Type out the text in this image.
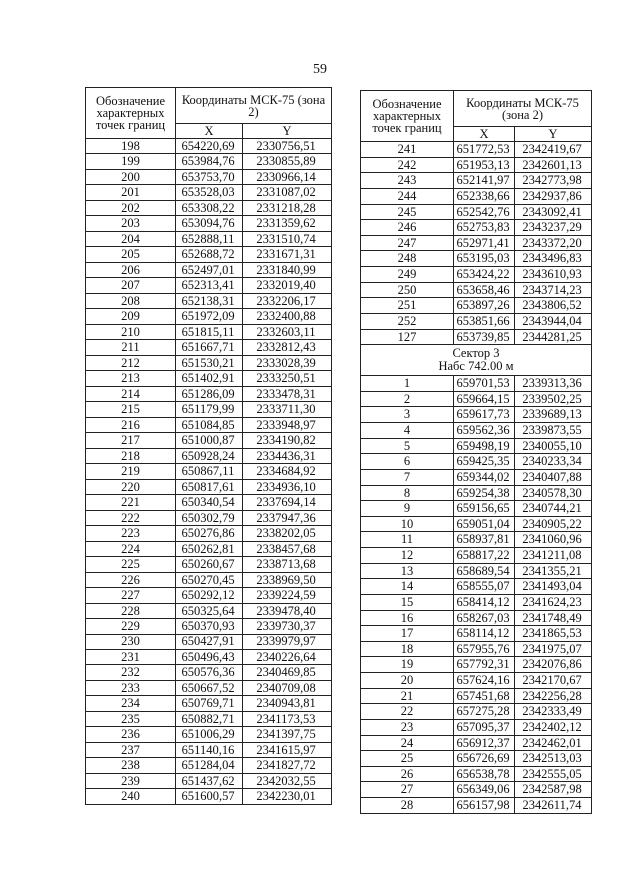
59
Обозначение характерных точек границ	Координаты МСК-75 (зона 2)	
	X	Y
198	654220,69	2330756,51
199	653984,76	2330855,89
200	653753,70	2330966,14
201	653528,03	2331087,02
202	653308,22	2331218,28
203	653094,76	2331359,62
204	652888,11	2331510,74
205	652688,72	2331671,31
206	652497,01	2331840,99
207	652313,41	2332019,40
208	652138,31	2332206,17
209	651972,09	2332400,88
210	651815,11	2332603,11
211	651667,71	2332812,43
212	651530,21	2333028,39
213	651402,91	2333250,51
214	651286,09	2333478,31
215	651179,99	2333711,30
216	651084,85	2333948,97
217	651000,87	2334190,82
218	650928,24	2334436,31
219	650867,11	2334684,92
220	650817,61	2334936,10
221	650340,54	2337694,14
222	650302,79	2337947,36
223	650276,86	2338202,05
224	650262,81	2338457,68
225	650260,67	2338713,68
226	650270,45	2338969,50
227	650292,12	2339224,59
228	650325,64	2339478,40
229	650370,93	2339730,37
230	650427,91	2339979,97
231	650496,43	2340226,64
232	650576,36	2340469,85
233	650667,52	2340709,08
234	650769,71	2340943,81
235	650882,71	2341173,53
236	651006,29	2341397,75
237	651140,16	2341615,97
238	651284,04	2341827,72
239	651437,62	2342032,55
240	651600,57	2342230,01
Обозначение характерных точек границ	Координаты МСК-75 (зона 2)	
	X	Y
241	651772,53	2342419,67
242	651953,13	2342601,13
243	652141,97	2342773,98
244	652338,66	2342937,86
245	652542,76	2343092,41
246	652753,83	2343237,29
247	652971,41	2343372,20
248	653195,03	2343496,83
249	653424,22	2343610,93
250	653658,46	2343714,23
251	653897,26	2343806,52
252	653851,66	2343944,04
127	653739,85	2344281,25
Сектор 3
Набс 742.00 м		
1	659701,53	2339313,36
2	659664,15	2339502,25
3	659617,73	2339689,13
4	659562,36	2339873,55
5	659498,19	2340055,10
6	659425,35	2340233,34
7	659344,02	2340407,88
8	659254,38	2340578,30
9	659156,65	2340744,21
10	659051,04	2340905,22
11	658937,81	2341060,96
12	658817,22	2341211,08
13	658689,54	2341355,21
14	658555,07	2341493,04
15	658414,12	2341624,23
16	658267,03	2341748,49
17	658114,12	2341865,53
18	657955,76	2341975,07
19	657792,31	2342076,86
20	657624,16	2342170,67
21	657451,68	2342256,28
22	657275,28	2342333,49
23	657095,37	2342402,12
24	656912,37	2342462,01
25	656726,69	2342513,03
26	656538,78	2342555,05
27	656349,06	2342587,98
28	656157,98	2342611,74
